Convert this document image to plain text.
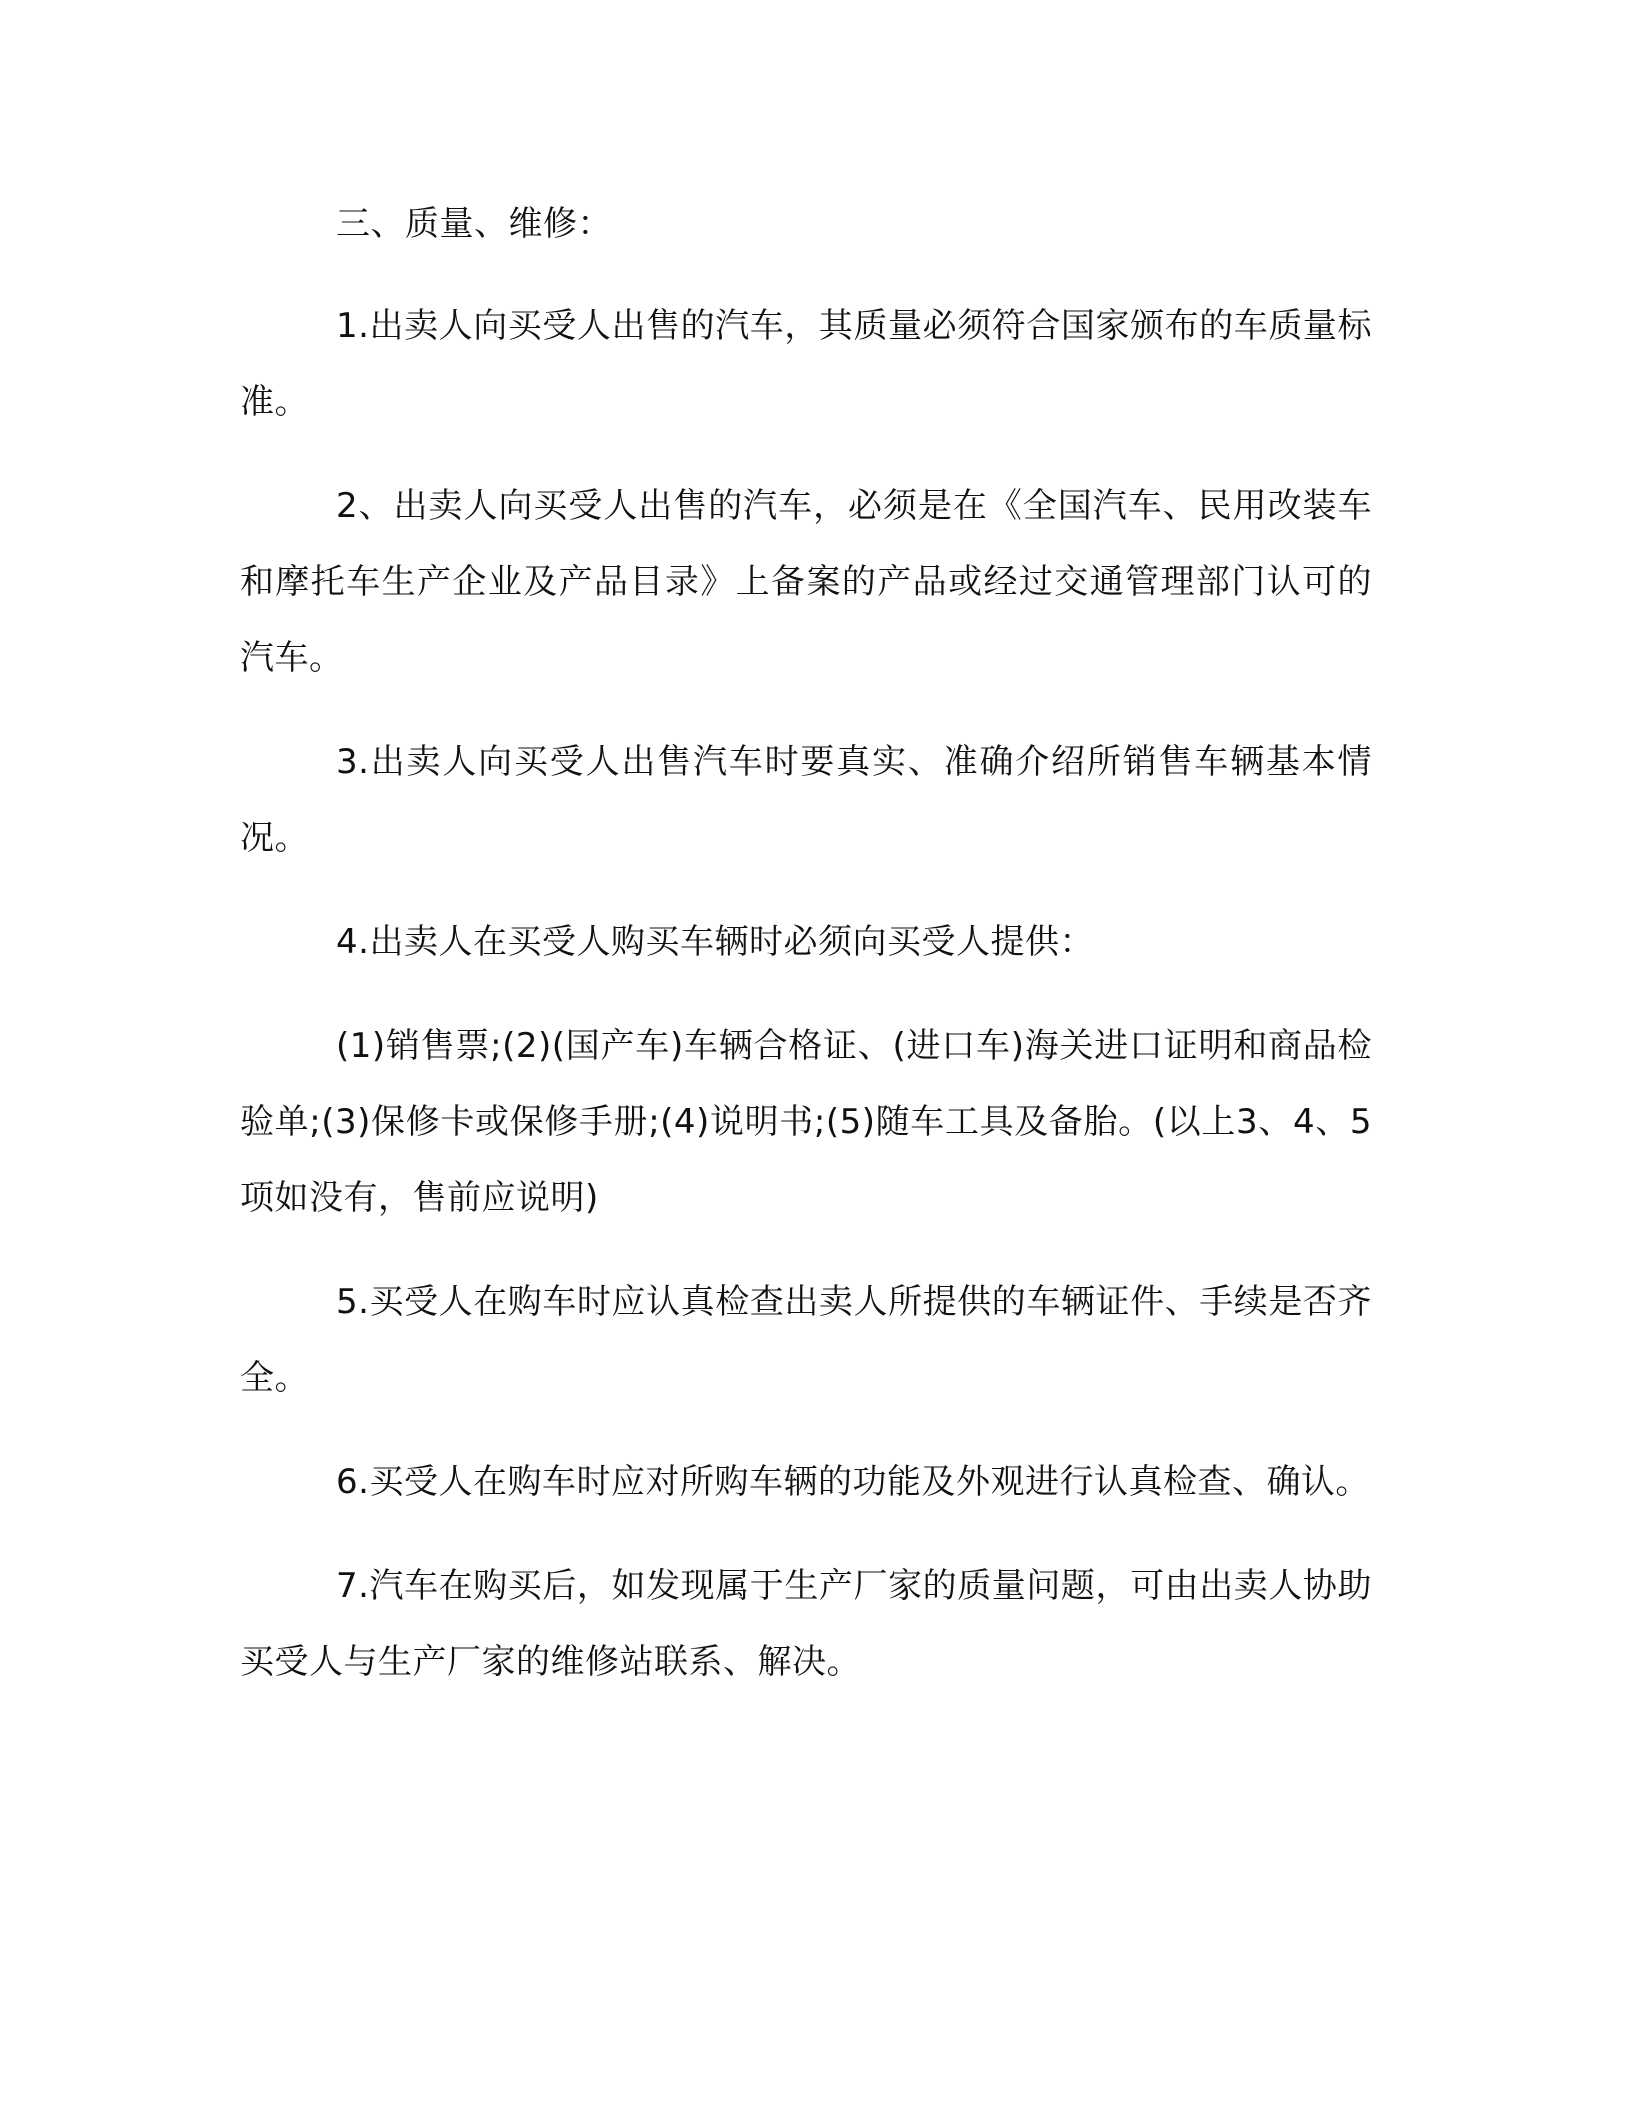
三、质量、维修：

1.出卖人向买受人出售的汽车，其质量必须符合国家颁布的车质量标准。

2、出卖人向买受人出售的汽车，必须是在《全国汽车、民用改装车和摩托车生产企业及产品目录》上备案的产品或经过交通管理部门认可的汽车。

3.出卖人向买受人出售汽车时要真实、准确介绍所销售车辆基本情况。

4.出卖人在买受人购买车辆时必须向买受人提供：

(1)销售票;(2)(国产车)车辆合格证、(进口车)海关进口证明和商品检验单;(3)保修卡或保修手册;(4)说明书;(5)随车工具及备胎。(以上3、4、5 项如没有，售前应说明)

5.买受人在购车时应认真检查出卖人所提供的车辆证件、手续是否齐全。

6.买受人在购车时应对所购车辆的功能及外观进行认真检查、确认。

7.汽车在购买后，如发现属于生产厂家的质量问题，可由出卖人协助买受人与生产厂家的维修站联系、解决。
